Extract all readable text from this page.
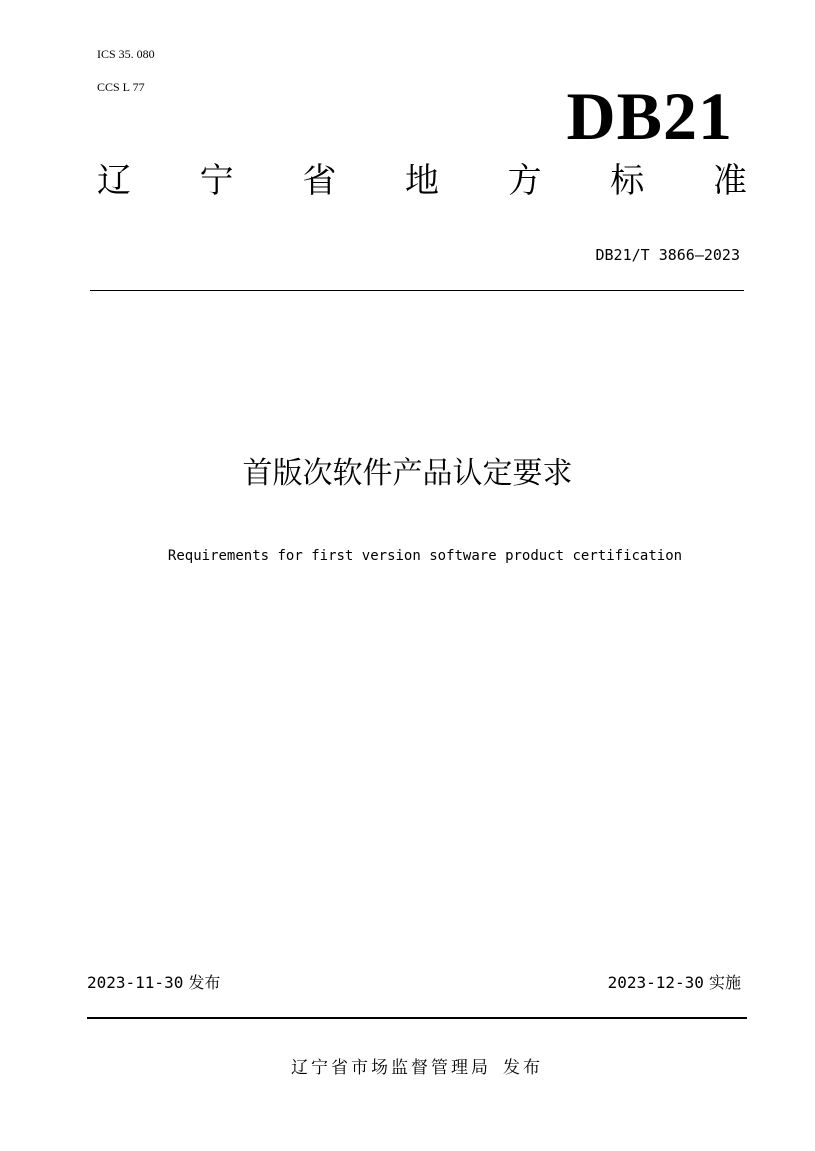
ICS 35. 080
CCS L 77	DB21
辽 宁 省 地 方 标 准
DB21/T 3866—2023
首版次软件产品认定要求
Requirements for first version software product certification
2023-11-30 发布	2023-12-30 实施
辽宁省市场监督管理局 发布
